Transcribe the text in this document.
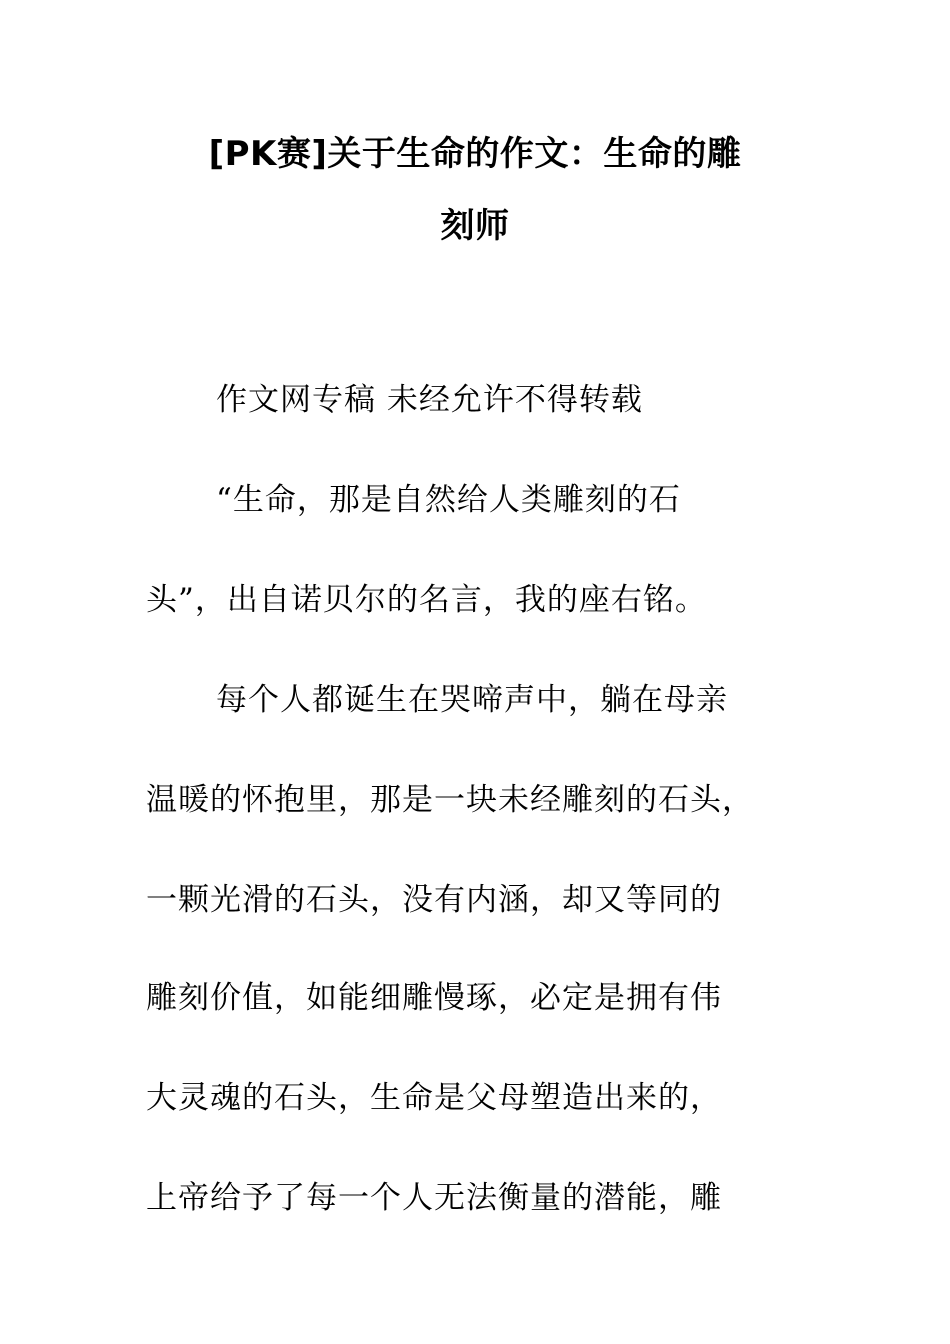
[PK赛]关于生命的作文：生命的雕
刻师
作文网专稿 未经允许不得转载
“生命，那是自然给人类雕刻的石
头”，出自诺贝尔的名言，我的座右铭。
每个人都诞生在哭啼声中，躺在母亲
温暖的怀抱里，那是一块未经雕刻的石头，
一颗光滑的石头，没有内涵，却又等同的
雕刻价值，如能细雕慢琢，必定是拥有伟
大灵魂的石头，生命是父母塑造出来的，
上帝给予了每一个人无法衡量的潜能，雕
